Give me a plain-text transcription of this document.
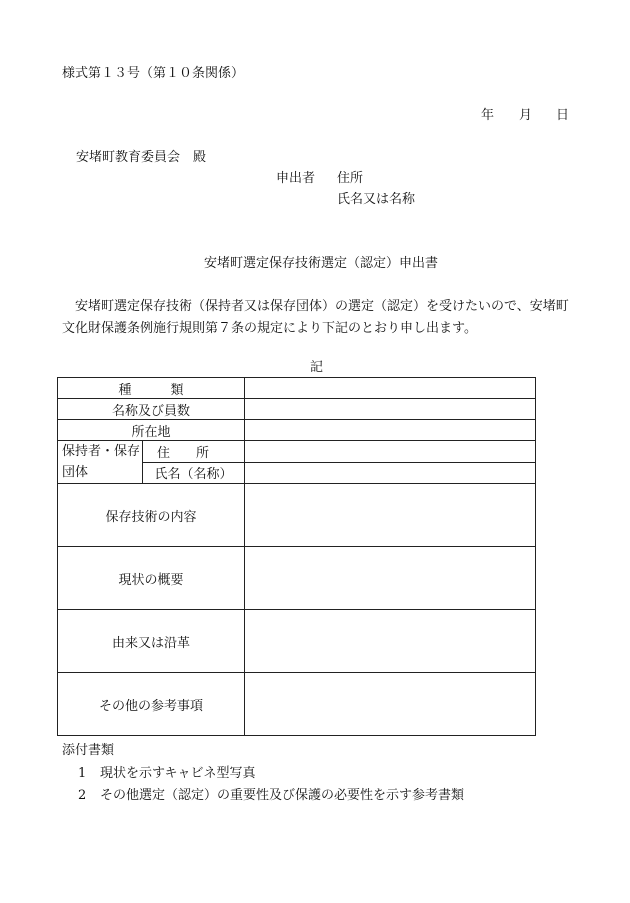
様式第１３号（第１０条関係）
年 月 日
安堵町教育委員会　殿
申出者 住所
氏名又は名称
安堵町選定保存技術選定（認定）申出書
安堵町選定保存技術（保持者又は保存団体）の選定（認定）を受けたいので、安堵町文化財保護条例施行規則第７条の規定により下記のとおり申し出ます。
記
種　　　類		
名称及び員数		
所在地		
保持者・保存団体	住　　所	
	氏名（名称）	
保存技術の内容		
現状の概要		
由来又は沿革		
その他の参考事項		
添付書類
1 現状を示すキャビネ型写真
2 その他選定（認定）の重要性及び保護の必要性を示す参考書類
